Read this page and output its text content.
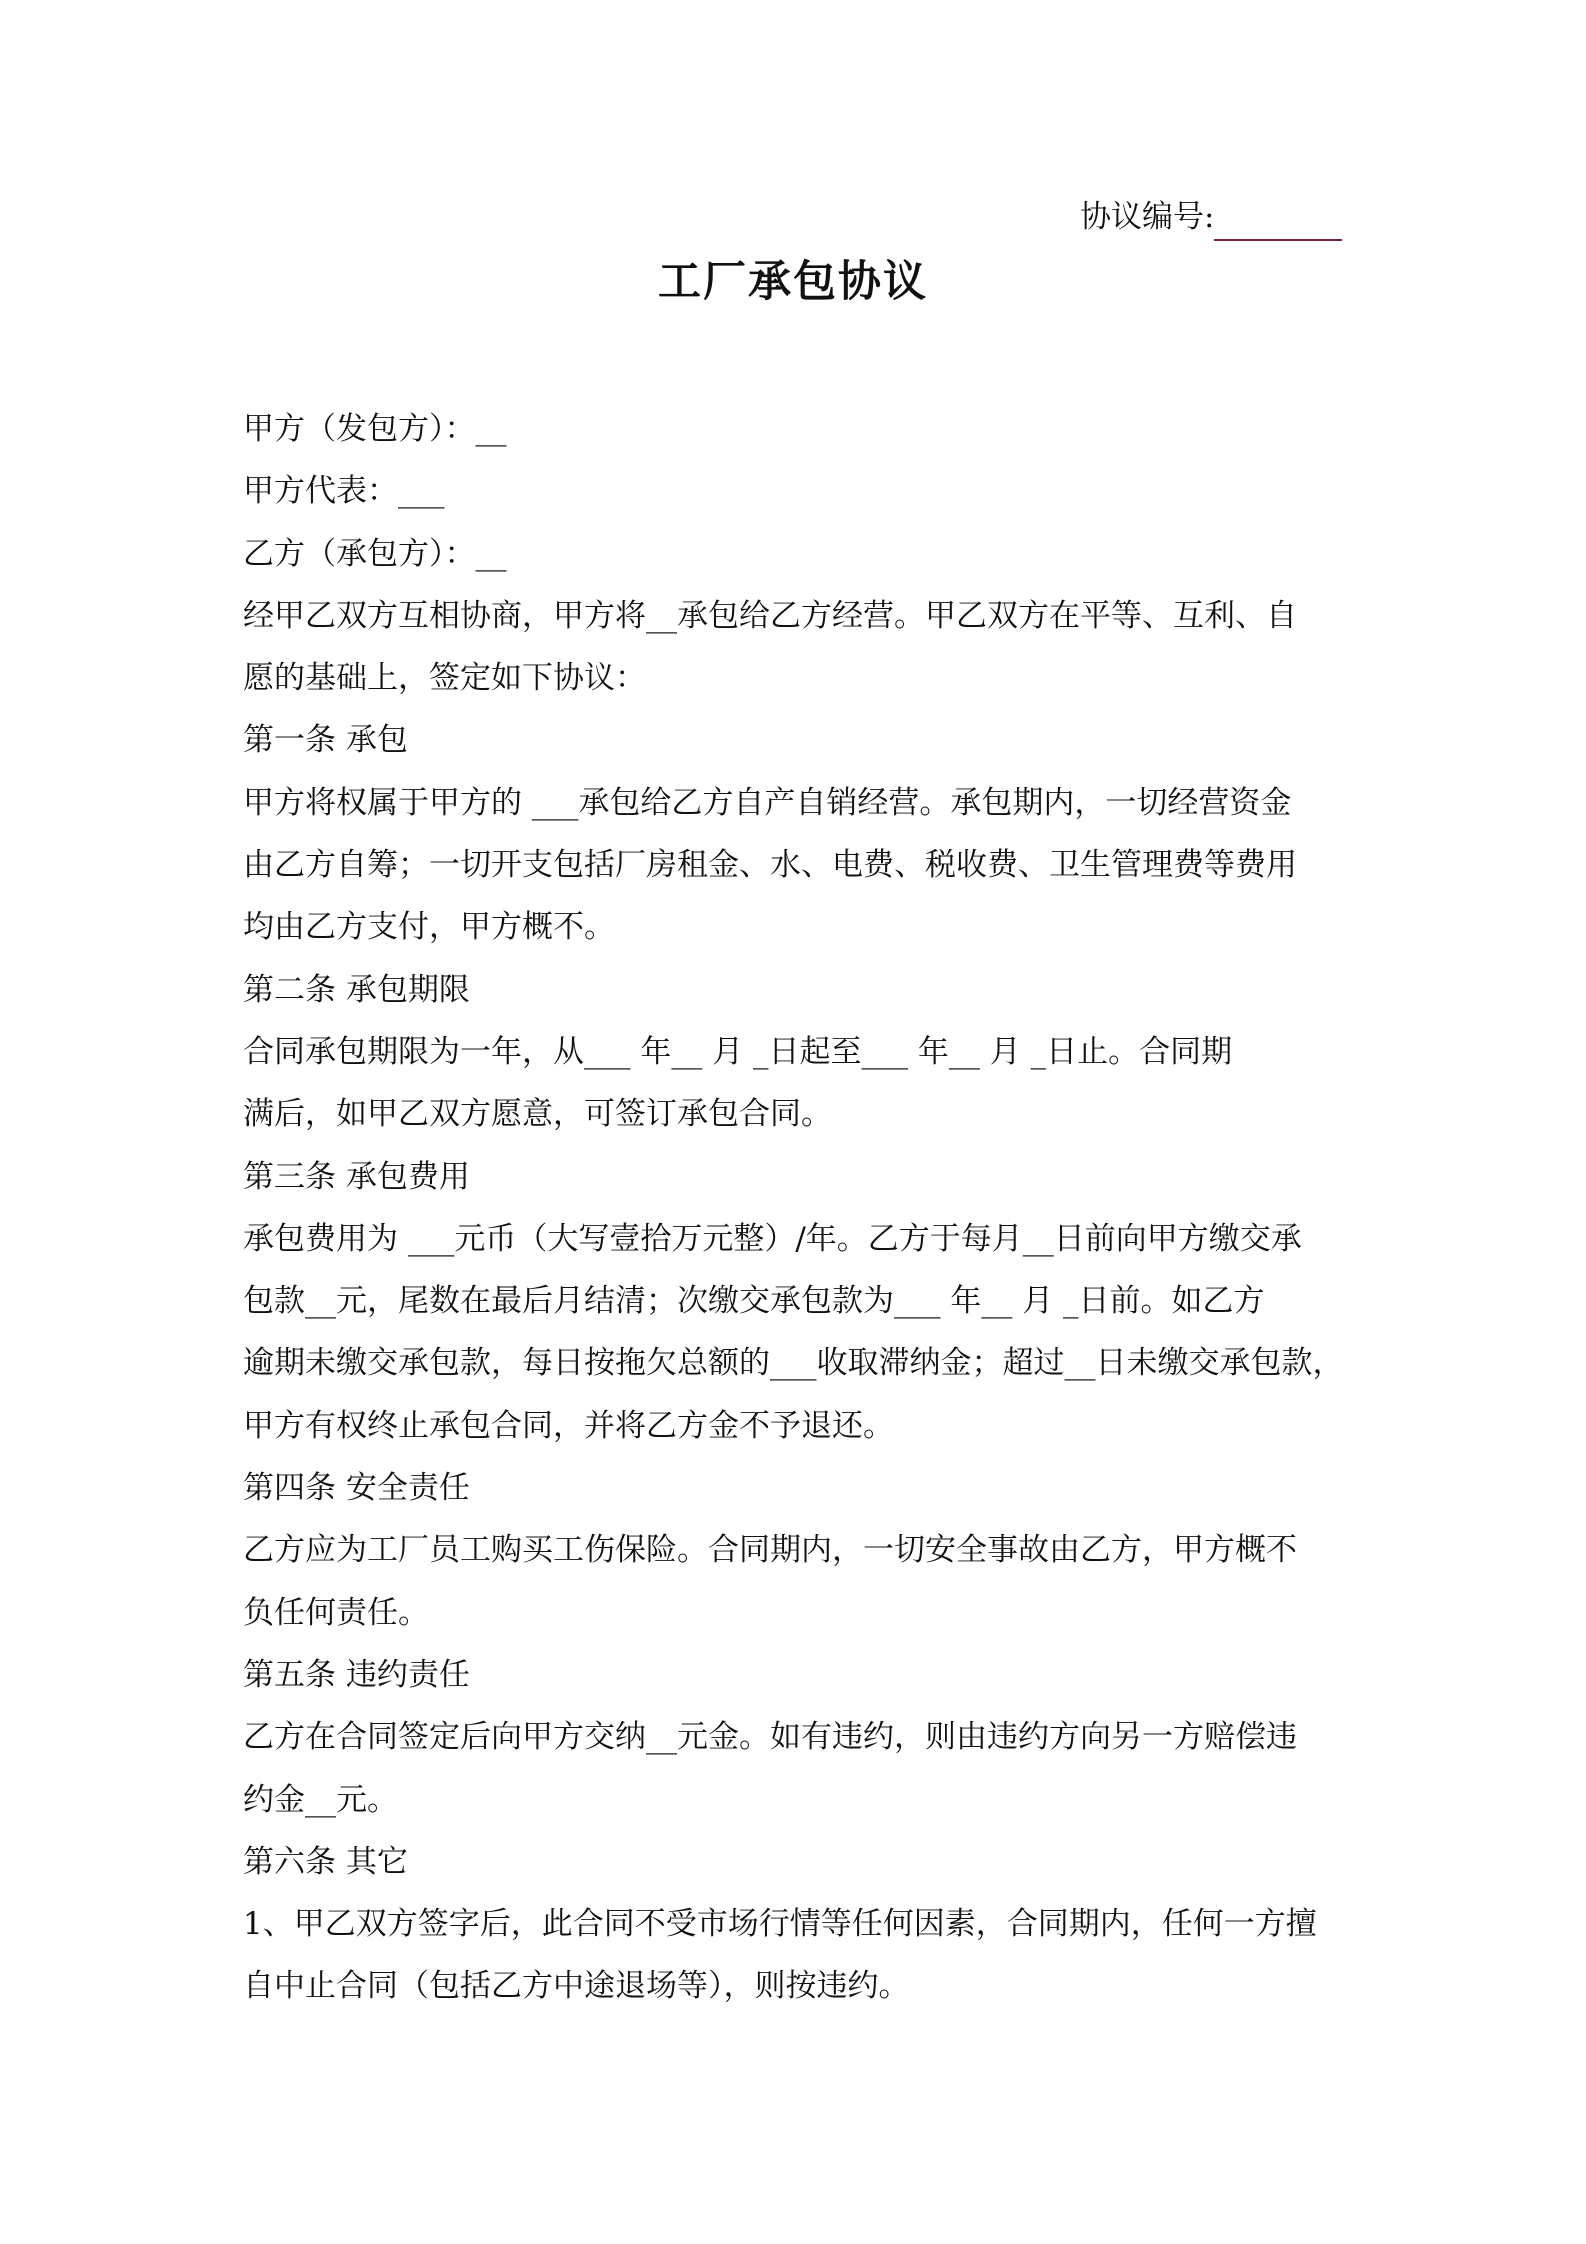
协议编号:
工厂承包协议
甲方（发包方）：__
甲方代表：___
乙方（承包方）：__
经甲乙双方互相协商，甲方将__承包给乙方经营。甲乙双方在平等、互利、自
愿的基础上，签定如下协议：
第一条 承包
甲方将权属于甲方的 ___承包给乙方自产自销经营。承包期内，一切经营资金
由乙方自筹；一切开支包括厂房租金、水、电费、税收费、卫生管理费等费用
均由乙方支付，甲方概不。
第二条 承包期限
合同承包期限为一年，从___ 年__ 月 _日起至___ 年__ 月 _日止。合同期
满后，如甲乙双方愿意，可签订承包合同。
第三条 承包费用
承包费用为 ___元币（大写壹拾万元整）/年。乙方于每月__日前向甲方缴交承
包款__元，尾数在最后月结清；次缴交承包款为___ 年__ 月 _日前。如乙方
逾期未缴交承包款，每日按拖欠总额的___收取滞纳金；超过__日未缴交承包款，
甲方有权终止承包合同，并将乙方金不予退还。
第四条 安全责任
乙方应为工厂员工购买工伤保险。合同期内，一切安全事故由乙方，甲方概不
负任何责任。
第五条 违约责任
乙方在合同签定后向甲方交纳__元金。如有违约，则由违约方向另一方赔偿违
约金__元。
第六条 其它
1、甲乙双方签字后，此合同不受市场行情等任何因素，合同期内，任何一方擅
自中止合同（包括乙方中途退场等），则按违约。
